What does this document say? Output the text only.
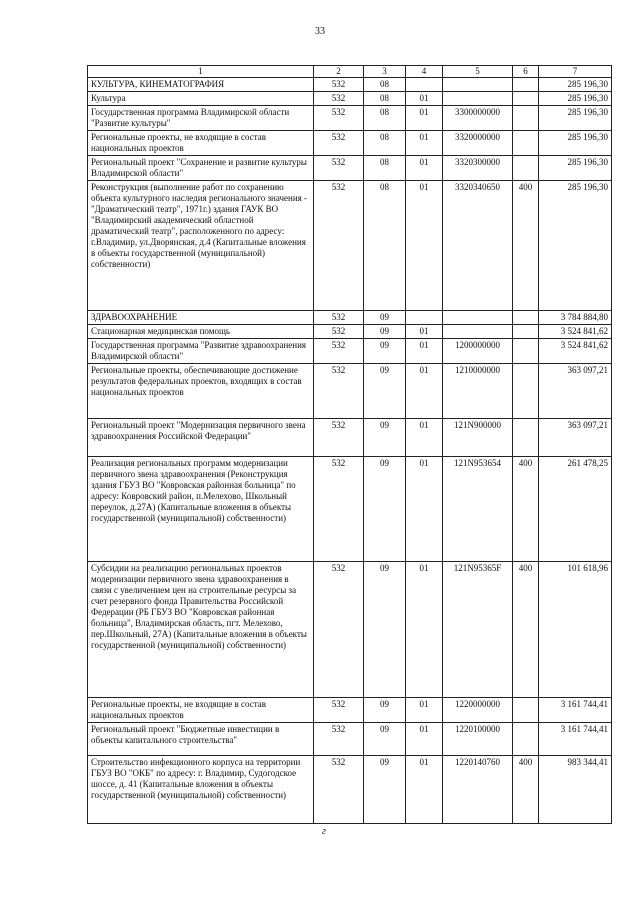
33
1	2	3	4	5	6	7
КУЛЬТУРА, КИНЕМАТОГРАФИЯ	532	08				285 196,30
Культура	532	08	01			285 196,30
Государственная программа Владимирской области "Развитие культуры"	532	08	01	3300000000		285 196,30
Региональные проекты, не входящие в состав национальных проектов	532	08	01	3320000000		285 196,30
Региональный проект "Сохранение и развитие культуры Владимирской области"	532	08	01	3320300000		285 196,30
Реконструкция (выполнение работ по сохранению объекта культурного наследия регионального значения - "Драматический театр", 1971г.) здания ГАУК ВО "Владимирский академический областной драматический театр", расположенного по адресу: г.Владимир, ул.Дворянская, д.4 (Капитальные вложения в объекты государственной (муниципальной) собственности)	532	08	01	3320340650	400	285 196,30
ЗДРАВООХРАНЕНИЕ	532	09				3 784 884,80
Стационарная медицинская помощь	532	09	01			3 524 841,62
Государственная программа "Развитие здравоохранения Владимирской области"	532	09	01	1200000000		3 524 841,62
Региональные проекты, обеспечивающие достижение результатов федеральных проектов, входящих в состав национальных проектов	532	09	01	1210000000		363 097,21
Региональный проект "Модернизация первичного звена здравоохранения Российской Федерации"	532	09	01	121N900000		363 097,21
Реализация региональных программ модернизации первичного звена здравоохранения (Реконструкция здания ГБУЗ ВО "Ковровская районная больница" по адресу: Ковровский район, п.Мелехово, Школьный переулок, д.27А) (Капитальные вложения в объекты государственной (муниципальной) собственности)	532	09	01	121N953654	400	261 478,25
Субсидии на реализацию региональных проектов модернизации первичного звена здравоохранения в связи с увеличением цен на строительные ресурсы за счет резервного фонда Правительства Российской Федерации (РБ ГБУЗ ВО "Ковровская районная больница", Владимирская область, пгт. Мелехово, пер.Школьный, 27А) (Капитальные вложения в объекты государственной (муниципальной) собственности)	532	09	01	121N95365F	400	101 618,96
Региональные проекты, не входящие в состав национальных проектов	532	09	01	1220000000		3 161 744,41
Региональный проект "Бюджетные инвестиции в объекты капитального строительства"	532	09	01	1220100000		3 161 744,41
Строительство инфекционного корпуса на территории ГБУЗ ВО "ОКБ" по адресу: г. Владимир, Судогодское шоссе, д. 41 (Капитальные вложения в объекты государственной (муниципальной) собственности)	532	09	01	1220140760	400	983 344,41
г
